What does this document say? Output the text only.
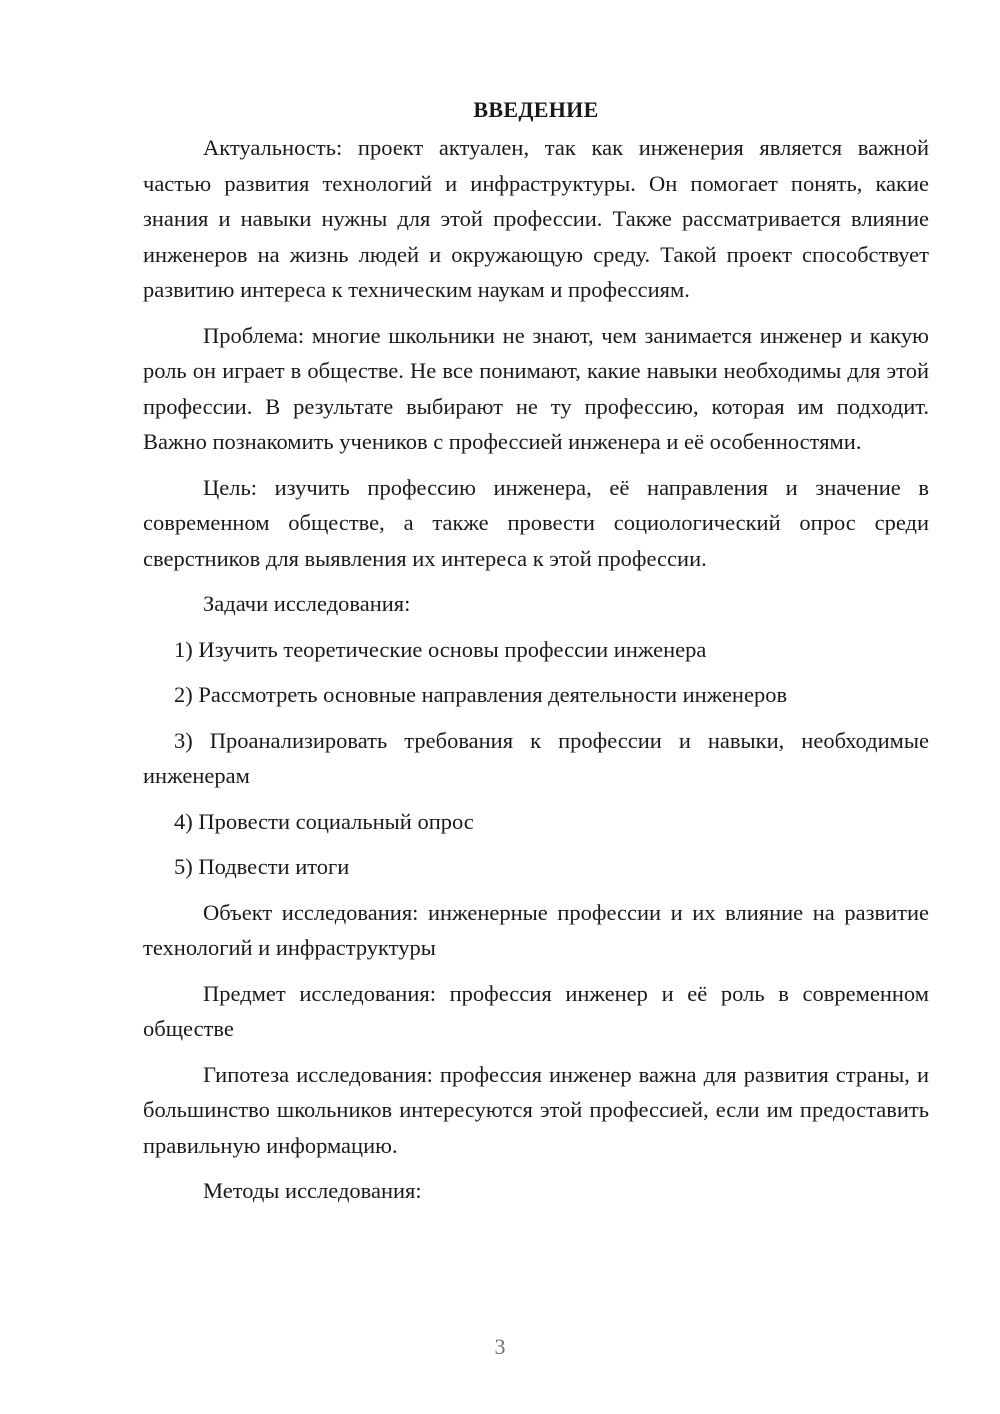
ВВЕДЕНИЕ

Актуальность: проект актуален, так как инженерия является важной частью развития технологий и инфраструктуры. Он помогает понять, какие знания и навыки нужны для этой профессии. Также рассматривается влияние инженеров на жизнь людей и окружающую среду. Такой проект способствует развитию интереса к техническим наукам и профессиям.

Проблема: многие школьники не знают, чем занимается инженер и какую роль он играет в обществе. Не все понимают, какие навыки необходимы для этой профессии. В результате выбирают не ту профессию, которая им подходит. Важно познакомить учеников с профессией инженера и её особенностями.

Цель: изучить профессию инженера, её направления и значение в современном обществе, а также провести социологический опрос среди сверстников для выявления их интереса к этой профессии.

Задачи исследования:

1) Изучить теоретические основы профессии инженера

2) Рассмотреть основные направления деятельности инженеров

3) Проанализировать требования к профессии и навыки, необходимые инженерам

4) Провести социальный опрос

5) Подвести итоги

Объект исследования: инженерные профессии и их влияние на развитие технологий и инфраструктуры

Предмет исследования: профессия инженер и её роль в современном обществе

Гипотеза исследования: профессия инженер важна для развития страны, и большинство школьников интересуются этой профессией, если им предоставить правильную информацию.

Методы исследования:

3
